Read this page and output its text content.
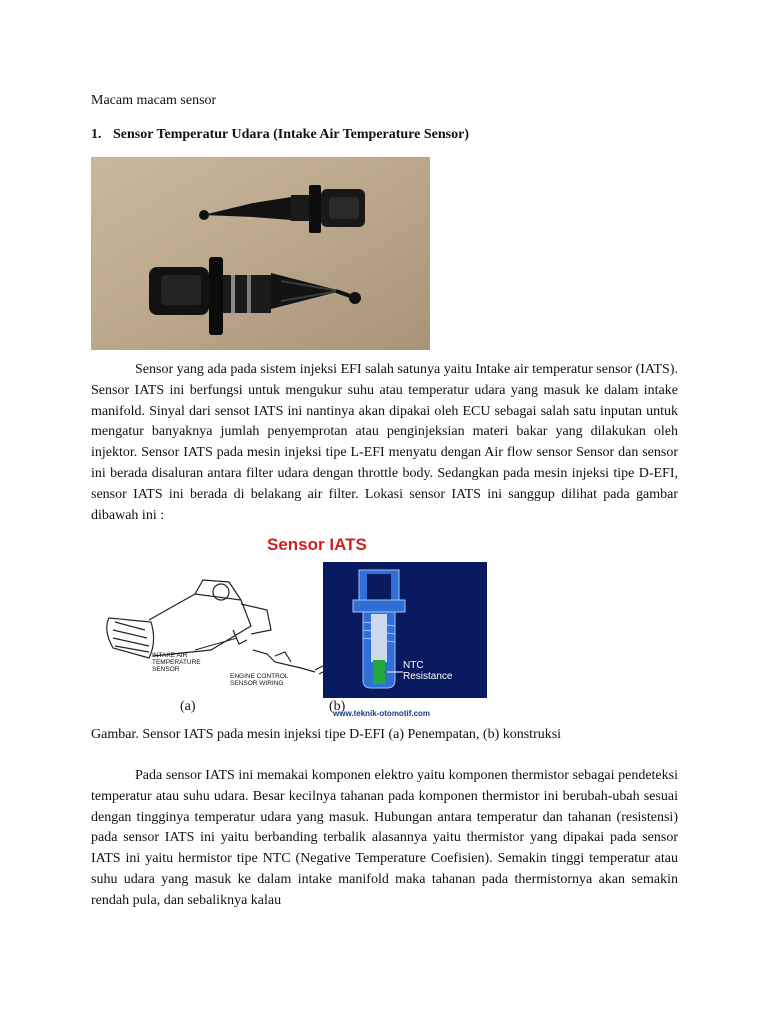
Macam macam sensor
1. Sensor Temperatur Udara (Intake Air Temperature Sensor)
Sensor yang ada pada sistem injeksi EFI salah satunya yaitu Intake air temperatur sensor (IATS). Sensor IATS ini berfungsi untuk mengukur suhu atau temperatur udara yang masuk ke dalam intake manifold. Sinyal dari sensot IATS ini nantinya akan dipakai oleh ECU sebagai salah satu inputan untuk mengatur banyaknya jumlah penyemprotan atau penginjeksian materi bakar yang dilakukan oleh injektor. Sensor IATS pada mesin injeksi tipe L-EFI menyatu dengan Air flow sensor Sensor dan sensor ini berada disaluran antara filter udara dengan throttle body. Sedangkan pada mesin injeksi tipe D-EFI, sensor IATS ini berada di belakang air filter. Lokasi sensor IATS ini sanggup dilihat pada gambar dibawah ini :
Sensor IATS
INTAKE AIR
TEMPERATURE
SENSOR
ENGINE CONTROL
SENSOR WIRING
(a)
NTC
Resistance
(b)
www.teknik-otomotif.com
Gambar. Sensor IATS pada mesin injeksi tipe D-EFI (a) Penempatan, (b) konstruksi
Pada sensor IATS ini memakai komponen elektro yaitu komponen thermistor sebagai pendeteksi temperatur atau suhu udara. Besar kecilnya tahanan pada komponen thermistor ini berubah-ubah sesuai dengan tingginya temperatur udara yang masuk. Hubungan antara temperatur dan tahanan (resistensi) pada sensor IATS ini yaitu berbanding terbalik alasannya yaitu thermistor yang dipakai pada sensor IATS ini yaitu hermistor tipe NTC (Negative Temperature Coefisien). Semakin tinggi temperatur atau suhu udara yang masuk ke dalam intake manifold maka tahanan pada thermistornya akan semakin rendah pula, dan sebaliknya kalau
